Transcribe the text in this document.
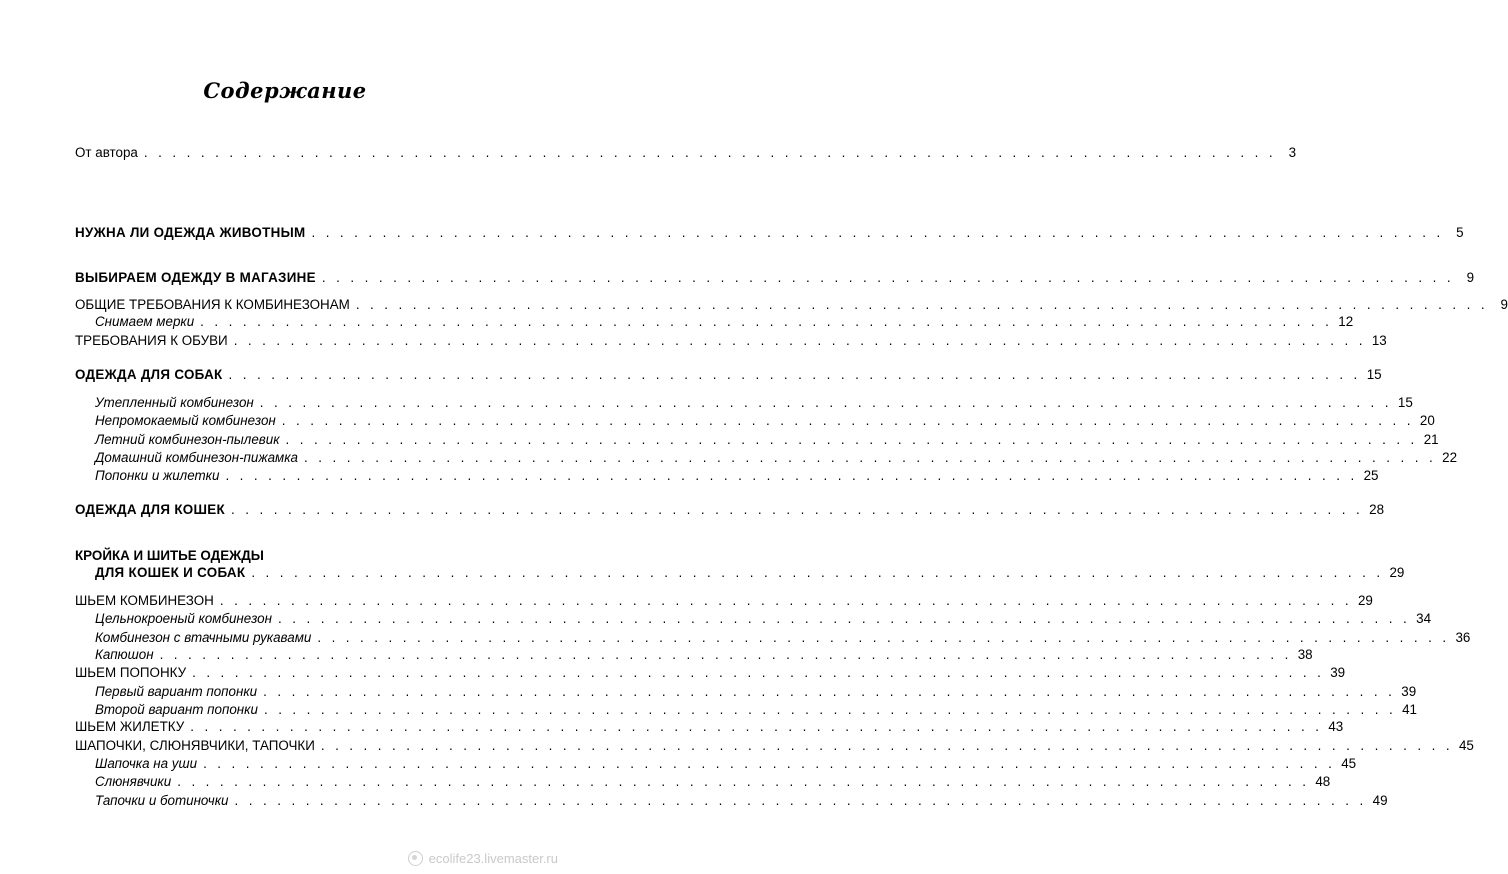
Содержание
От автора . . . . . . . . . . . . . . . . . . . . . . . . . . . . . . . . . . . . . . . . . . . . . . . . . . . . . . . . . . . . . . . . . . . . . . . . . . . . . . . . 3
НУЖНА ЛИ ОДЕЖДА ЖИВОТНЫМ . . . . . . . . . . . . . . . . . . . . . . . . . . . . . . . . . . . . . . . . . . . . . . . . . . . . . . . . . . . . . . . . . . . . . . . . . . . . . . . . 5
ВЫБИРАЕМ ОДЕЖДУ В МАГАЗИНЕ . . . . . . . . . . . . . . . . . . . . . . . . . . . . . . . . . . . . . . . . . . . . . . . . . . . . . . . . . . . . . . . . . . . . . . . . . . . . . . . . 9
ОБЩИЕ ТРЕБОВАНИЯ К КОМБИНЕЗОНАМ . . . . . . . . . . . . . . . . . . . . . . . . . . . . . . . . . . . . . . . . . . . . . . . . . . . . . . . . . . . . . . . . . . . . . . . . . . . . . . . . 9
Снимаем мерки . . . . . . . . . . . . . . . . . . . . . . . . . . . . . . . . . . . . . . . . . . . . . . . . . . . . . . . . . . . . . . . . . . . . . . . . . . . . . . . . 12
ТРЕБОВАНИЯ К ОБУВИ . . . . . . . . . . . . . . . . . . . . . . . . . . . . . . . . . . . . . . . . . . . . . . . . . . . . . . . . . . . . . . . . . . . . . . . . . . . . . . . . 13
ОДЕЖДА ДЛЯ СОБАК . . . . . . . . . . . . . . . . . . . . . . . . . . . . . . . . . . . . . . . . . . . . . . . . . . . . . . . . . . . . . . . . . . . . . . . . . . . . . . . . 15
Утепленный комбинезон . . . . . . . . . . . . . . . . . . . . . . . . . . . . . . . . . . . . . . . . . . . . . . . . . . . . . . . . . . . . . . . . . . . . . . . . . . . . . . . . 15
Непромокаемый комбинезон . . . . . . . . . . . . . . . . . . . . . . . . . . . . . . . . . . . . . . . . . . . . . . . . . . . . . . . . . . . . . . . . . . . . . . . . . . . . . . . . 20
Летний комбинезон-пылевик . . . . . . . . . . . . . . . . . . . . . . . . . . . . . . . . . . . . . . . . . . . . . . . . . . . . . . . . . . . . . . . . . . . . . . . . . . . . . . . . 21
Домашний комбинезон-пижамка . . . . . . . . . . . . . . . . . . . . . . . . . . . . . . . . . . . . . . . . . . . . . . . . . . . . . . . . . . . . . . . . . . . . . . . . . . . . . . . . 22
Попонки и жилетки . . . . . . . . . . . . . . . . . . . . . . . . . . . . . . . . . . . . . . . . . . . . . . . . . . . . . . . . . . . . . . . . . . . . . . . . . . . . . . . . 25
ОДЕЖДА ДЛЯ КОШЕК . . . . . . . . . . . . . . . . . . . . . . . . . . . . . . . . . . . . . . . . . . . . . . . . . . . . . . . . . . . . . . . . . . . . . . . . . . . . . . . . 28
КРОЙКА И ШИТЬЕ ОДЕЖДЫ
ДЛЯ КОШЕК И СОБАК . . . . . . . . . . . . . . . . . . . . . . . . . . . . . . . . . . . . . . . . . . . . . . . . . . . . . . . . . . . . . . . . . . . . . . . . . . . . . . . . 29
ШЬЕМ КОМБИНЕЗОН . . . . . . . . . . . . . . . . . . . . . . . . . . . . . . . . . . . . . . . . . . . . . . . . . . . . . . . . . . . . . . . . . . . . . . . . . . . . . . . . 29
Цельнокроеный комбинезон . . . . . . . . . . . . . . . . . . . . . . . . . . . . . . . . . . . . . . . . . . . . . . . . . . . . . . . . . . . . . . . . . . . . . . . . . . . . . . . . 34
Комбинезон с втачными рукавами . . . . . . . . . . . . . . . . . . . . . . . . . . . . . . . . . . . . . . . . . . . . . . . . . . . . . . . . . . . . . . . . . . . . . . . . . . . . . . . . 36
Капюшон . . . . . . . . . . . . . . . . . . . . . . . . . . . . . . . . . . . . . . . . . . . . . . . . . . . . . . . . . . . . . . . . . . . . . . . . . . . . . . . . 38
ШЬЕМ ПОПОНКУ . . . . . . . . . . . . . . . . . . . . . . . . . . . . . . . . . . . . . . . . . . . . . . . . . . . . . . . . . . . . . . . . . . . . . . . . . . . . . . . . 39
Первый вариант попонки . . . . . . . . . . . . . . . . . . . . . . . . . . . . . . . . . . . . . . . . . . . . . . . . . . . . . . . . . . . . . . . . . . . . . . . . . . . . . . . . 39
Второй вариант попонки . . . . . . . . . . . . . . . . . . . . . . . . . . . . . . . . . . . . . . . . . . . . . . . . . . . . . . . . . . . . . . . . . . . . . . . . . . . . . . . . 41
ШЬЕМ ЖИЛЕТКУ . . . . . . . . . . . . . . . . . . . . . . . . . . . . . . . . . . . . . . . . . . . . . . . . . . . . . . . . . . . . . . . . . . . . . . . . . . . . . . . . 43
ШАПОЧКИ, СЛЮНЯВЧИКИ, ТАПОЧКИ . . . . . . . . . . . . . . . . . . . . . . . . . . . . . . . . . . . . . . . . . . . . . . . . . . . . . . . . . . . . . . . . . . . . . . . . . . . . . . . . 45
Шапочка на уши . . . . . . . . . . . . . . . . . . . . . . . . . . . . . . . . . . . . . . . . . . . . . . . . . . . . . . . . . . . . . . . . . . . . . . . . . . . . . . . . 45
Слюнявчики . . . . . . . . . . . . . . . . . . . . . . . . . . . . . . . . . . . . . . . . . . . . . . . . . . . . . . . . . . . . . . . . . . . . . . . . . . . . . . . . 48
Тапочки и ботиночки . . . . . . . . . . . . . . . . . . . . . . . . . . . . . . . . . . . . . . . . . . . . . . . . . . . . . . . . . . . . . . . . . . . . . . . . . . . . . . . . 49
ecolife23.livemaster.ru
